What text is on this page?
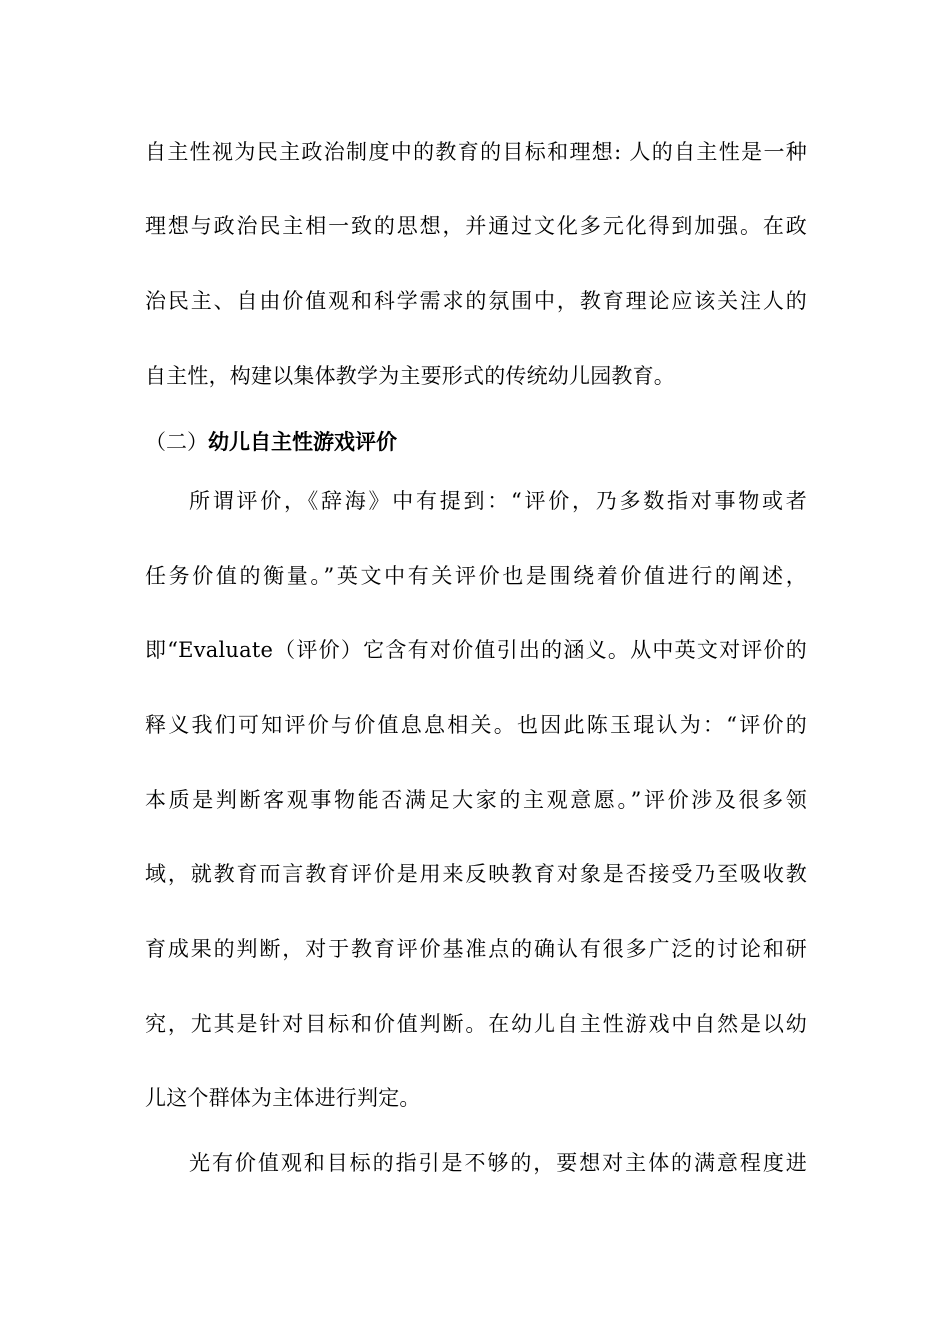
自主性视为民主政治制度中的教育的目标和理想: 人的自主性是一种
理想与政治民主相一致的思想，并通过文化多元化得到加强。在政
治民主、自由价值观和科学需求的氛围中，教育理论应该关注人的
自主性，构建以集体教学为主要形式的传统幼儿园教育。
（二）幼儿自主性游戏评价
所谓评价，《辞海》中有提到：“评价，乃多数指对事物或者
任务价值的衡量。”英文中有关评价也是围绕着价值进行的阐述，
即“Evaluate（评价）它含有对价值引出的涵义。从中英文对评价的
释义我们可知评价与价值息息相关。也因此陈玉琨认为：“评价的
本质是判断客观事物能否满足大家的主观意愿。”评价涉及很多领
域，就教育而言教育评价是用来反映教育对象是否接受乃至吸收教
育成果的判断，对于教育评价基准点的确认有很多广泛的讨论和研
究，尤其是针对目标和价值判断。在幼儿自主性游戏中自然是以幼
儿这个群体为主体进行判定。
光有价值观和目标的指引是不够的，要想对主体的满意程度进
